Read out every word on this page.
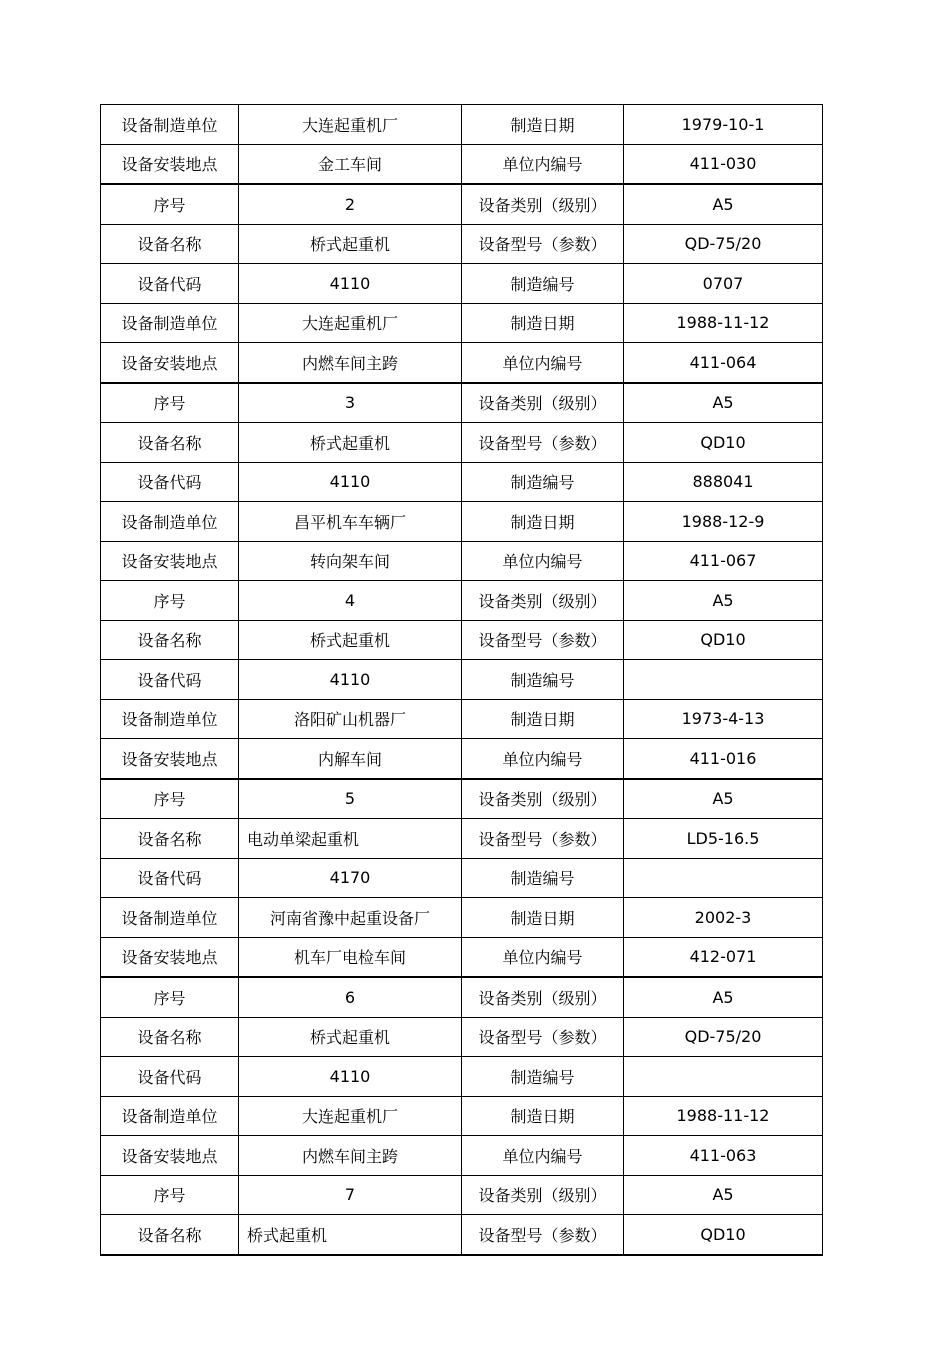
设备制造单位	大连起重机厂	制造日期	1979-10-1
设备安装地点	金工车间	单位内编号	411-030
序号	2	设备类别（级别）	A5
设备名称	桥式起重机	设备型号（参数）	QD-75/20
设备代码	4110	制造编号	0707
设备制造单位	大连起重机厂	制造日期	1988-11-12
设备安装地点	内燃车间主跨	单位内编号	411-064
序号	3	设备类别（级别）	A5
设备名称	桥式起重机	设备型号（参数）	QD10
设备代码	4110	制造编号	888041
设备制造单位	昌平机车车辆厂	制造日期	1988-12-9
设备安装地点	转向架车间	单位内编号	411-067
序号	4	设备类别（级别）	A5
设备名称	桥式起重机	设备型号（参数）	QD10
设备代码	4110	制造编号	
设备制造单位	洛阳矿山机器厂	制造日期	1973-4-13
设备安装地点	内解车间	单位内编号	411-016
序号	5	设备类别（级别）	A5
设备名称	电动单梁起重机	设备型号（参数）	LD5-16.5
设备代码	4170	制造编号	
设备制造单位	河南省豫中起重设备厂	制造日期	2002-3
设备安装地点	机车厂电检车间	单位内编号	412-071
序号	6	设备类别（级别）	A5
设备名称	桥式起重机	设备型号（参数）	QD-75/20
设备代码	4110	制造编号	
设备制造单位	大连起重机厂	制造日期	1988-11-12
设备安装地点	内燃车间主跨	单位内编号	411-063
序号	7	设备类别（级别）	A5
设备名称	桥式起重机	设备型号（参数）	QD10
